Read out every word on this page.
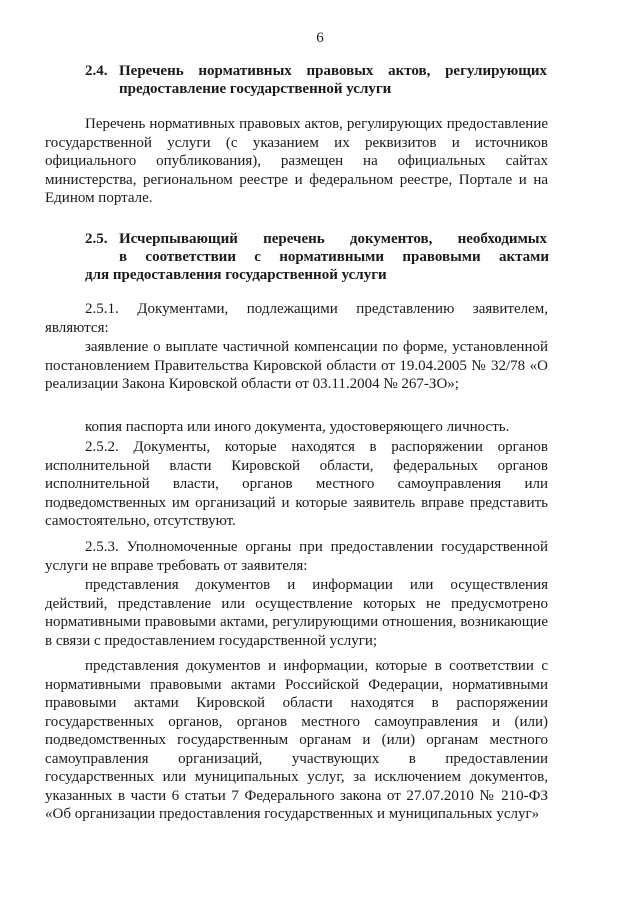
6
2.4. Перечень нормативных правовых актов, регулирующих
предоставление государственной услуги

Перечень нормативных правовых актов, регулирующих предоставление государственной услуги (с указанием их реквизитов и источников официального опубликования), размещен на официальных сайтах министерства, региональном реестре и федеральном реестре, Портале и на Едином портале.

2.5. Исчерпывающий перечень документов, необходимых
в соответствии с нормативными правовыми актами
для предоставления государственной услуги

2.5.1. Документами, подлежащими представлению заявителем, являются:

заявление о выплате частичной компенсации по форме, установленной постановлением Правительства Кировской области от 19.04.2005 № 32/78 «О реализации Закона Кировской области от 03.11.2004 № 267-ЗО»;

копия паспорта или иного документа, удостоверяющего личность.

2.5.2. Документы, которые находятся в распоряжении органов исполнительной власти Кировской области, федеральных органов исполнительной власти, органов местного самоуправления или подведомственных им организаций и которые заявитель вправе представить самостоятельно, отсутствуют.

2.5.3. Уполномоченные органы при предоставлении государственной услуги не вправе требовать от заявителя:

представления документов и информации или осуществления действий, представление или осуществление которых не предусмотрено нормативными правовыми актами, регулирующими отношения, возникающие в связи с предоставлением государственной услуги;

представления документов и информации, которые в соответствии с нормативными правовыми актами Российской Федерации, нормативными правовыми актами Кировской области находятся в распоряжении государственных органов, органов местного самоуправления и (или) подведомственных государственным органам и (или) органам местного самоуправления организаций, участвующих в предоставлении государственных или муниципальных услуг, за исключением документов, указанных в части 6 статьи 7 Федерального закона от 27.07.2010 № 210-ФЗ «Об организации предоставления государственных и муниципальных услуг»
